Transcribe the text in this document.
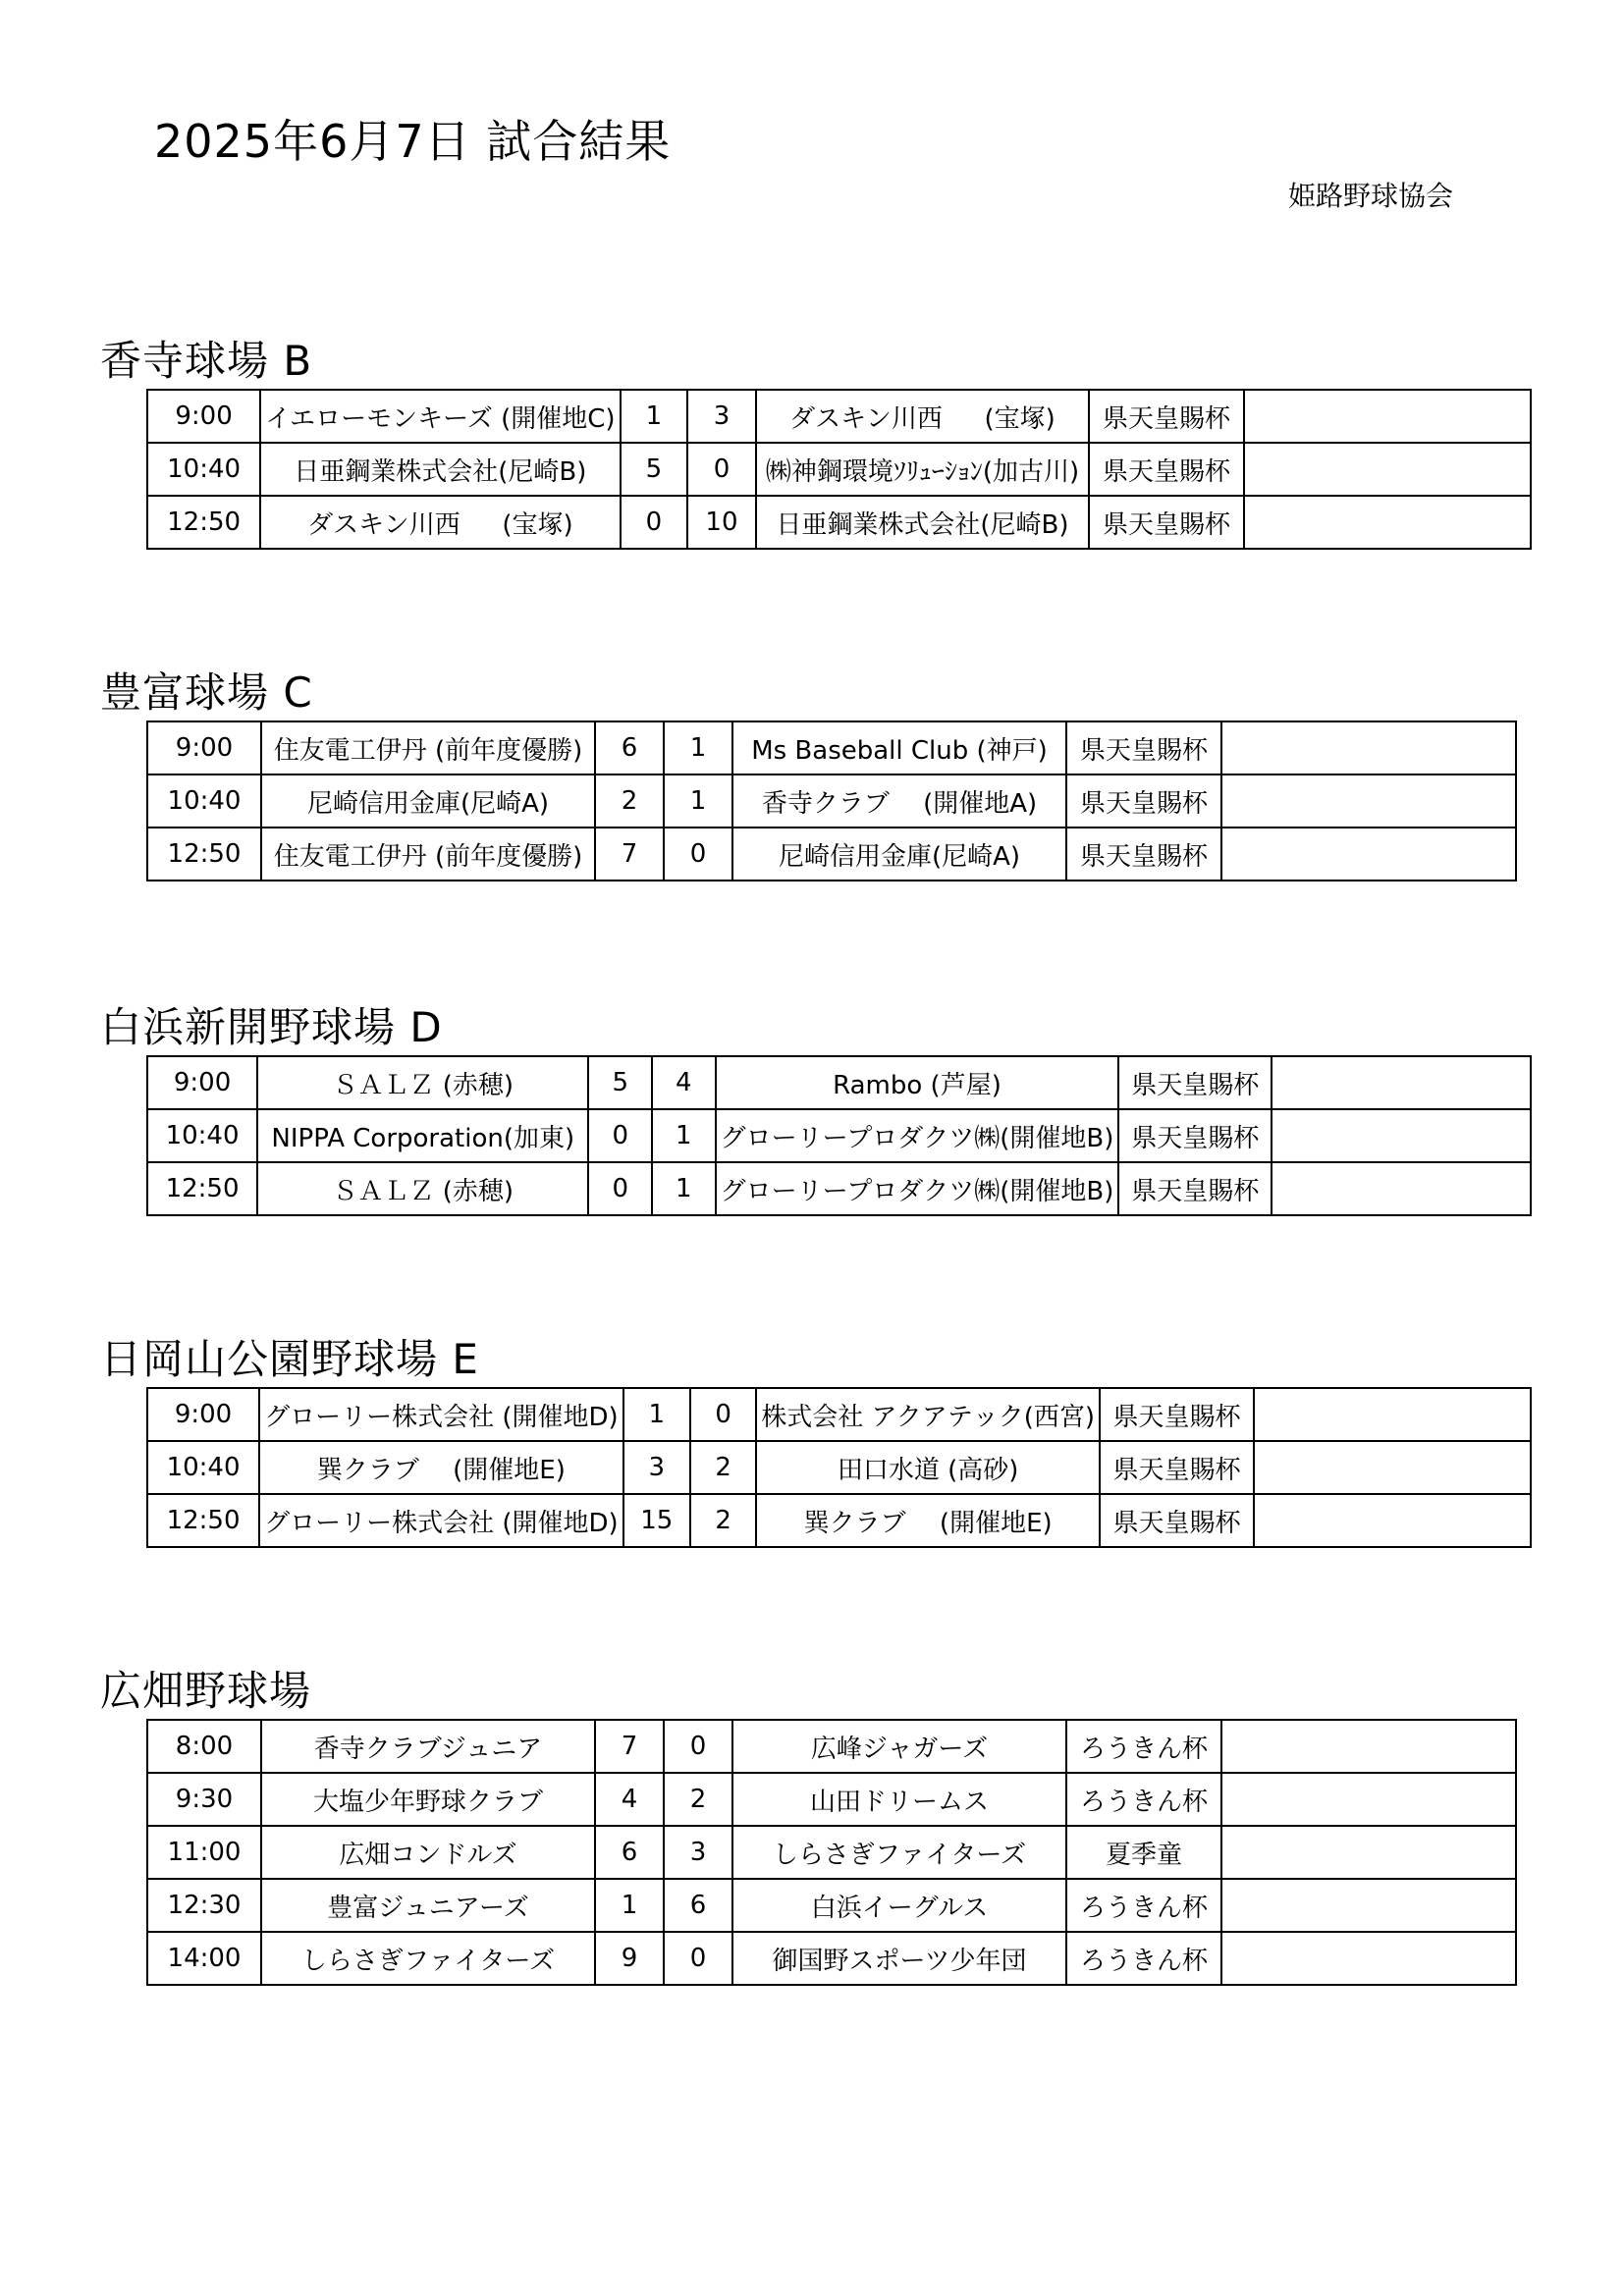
2025年6月7日 試合結果
姫路野球協会
香寺球場 B
9:00	イエローモンキーズ (開催地C)	1	3	ダスキン川西 　 (宝塚)	県天皇賜杯	
10:40	日亜鋼業株式会社(尼崎B)	5	0	㈱神鋼環境ｿﾘｭｰｼｮﾝ(加古川)	県天皇賜杯	
12:50	ダスキン川西 　 (宝塚)	0	10	日亜鋼業株式会社(尼崎B)	県天皇賜杯	
豊富球場 C
9:00	住友電工伊丹 (前年度優勝)	6	1	Ms Baseball Club (神戸)	県天皇賜杯	
10:40	尼崎信用金庫(尼崎A)	2	1	香寺クラブ 　(開催地A)	県天皇賜杯	
12:50	住友電工伊丹 (前年度優勝)	7	0	尼崎信用金庫(尼崎A)	県天皇賜杯	
白浜新開野球場 D
9:00	ＳＡＬＺ (赤穂)	5	4	Rambo (芦屋)	県天皇賜杯	
10:40	NIPPA Corporation(加東)	0	1	グローリープロダクツ㈱(開催地B)	県天皇賜杯	
12:50	ＳＡＬＺ (赤穂)	0	1	グローリープロダクツ㈱(開催地B)	県天皇賜杯	
日岡山公園野球場 E
9:00	グローリー株式会社 (開催地D)	1	0	株式会社 アクアテック(西宮)	県天皇賜杯	
10:40	巽クラブ 　(開催地E)	3	2	田口水道 (高砂)	県天皇賜杯	
12:50	グローリー株式会社 (開催地D)	15	2	巽クラブ 　(開催地E)	県天皇賜杯	
広畑野球場
8:00	香寺クラブジュニア	7	0	広峰ジャガーズ	ろうきん杯	
9:30	大塩少年野球クラブ	4	2	山田ドリームス	ろうきん杯	
11:00	広畑コンドルズ	6	3	しらさぎファイターズ	夏季童	
12:30	豊富ジュニアーズ	1	6	白浜イーグルス	ろうきん杯	
14:00	しらさぎファイターズ	9	0	御国野スポーツ少年団	ろうきん杯	
